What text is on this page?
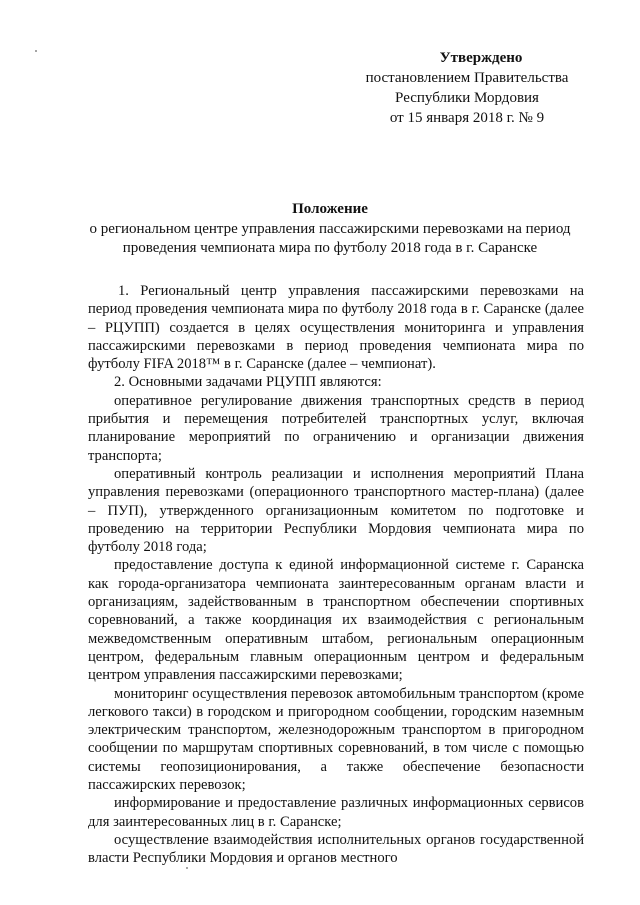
Утверждено
постановлением Правительства
Республики Мордовия
от 15 января 2018 г. № 9
Положение
о региональном центре управления пассажирскими перевозками на период
проведения чемпионата мира по футболу 2018 года в г. Саранске

1. Региональный центр управления пассажирскими перевозками на период проведения чемпионата мира по футболу 2018 года в г. Саранске (далее – РЦУПП) создается в целях осуществления мониторинга и управления пассажирскими перевозками в период проведения чемпионата мира по футболу FIFA 2018™ в г. Саранске (далее – чемпионат).

2. Основными задачами РЦУПП являются:

оперативное регулирование движения транспортных средств в период прибытия и перемещения потребителей транспортных услуг, включая планирование мероприятий по ограничению и организации движения транспорта;

оперативный контроль реализации и исполнения мероприятий Плана управления перевозками (операционного транспортного мастер-плана) (далее – ПУП), утвержденного организационным комитетом по подготовке и проведению на территории Республики Мордовия чемпионата мира по футболу 2018 года;

предоставление доступа к единой информационной системе г. Саранска как города-организатора чемпионата заинтересованным органам власти и организациям, задействованным в транспортном обеспечении спортивных соревнований, а также координация их взаимодействия с региональным межведомственным оперативным штабом, региональным операционным центром, федеральным главным операционным центром и федеральным центром управления пассажирскими перевозками;

мониторинг осуществления перевозок автомобильным транспортом (кроме легкового такси) в городском и пригородном сообщении, городским наземным электрическим транспортом, железнодорожным транспортом в пригородном сообщении по маршрутам спортивных соревнований, в том числе с помощью системы геопозиционирования, а также обеспечение безопасности пассажирских перевозок;

информирование и предоставление различных информационных сервисов для заинтересованных лиц в г. Саранске;

осуществление взаимодействия исполнительных органов государственной власти Республики Мордовия и органов местного
